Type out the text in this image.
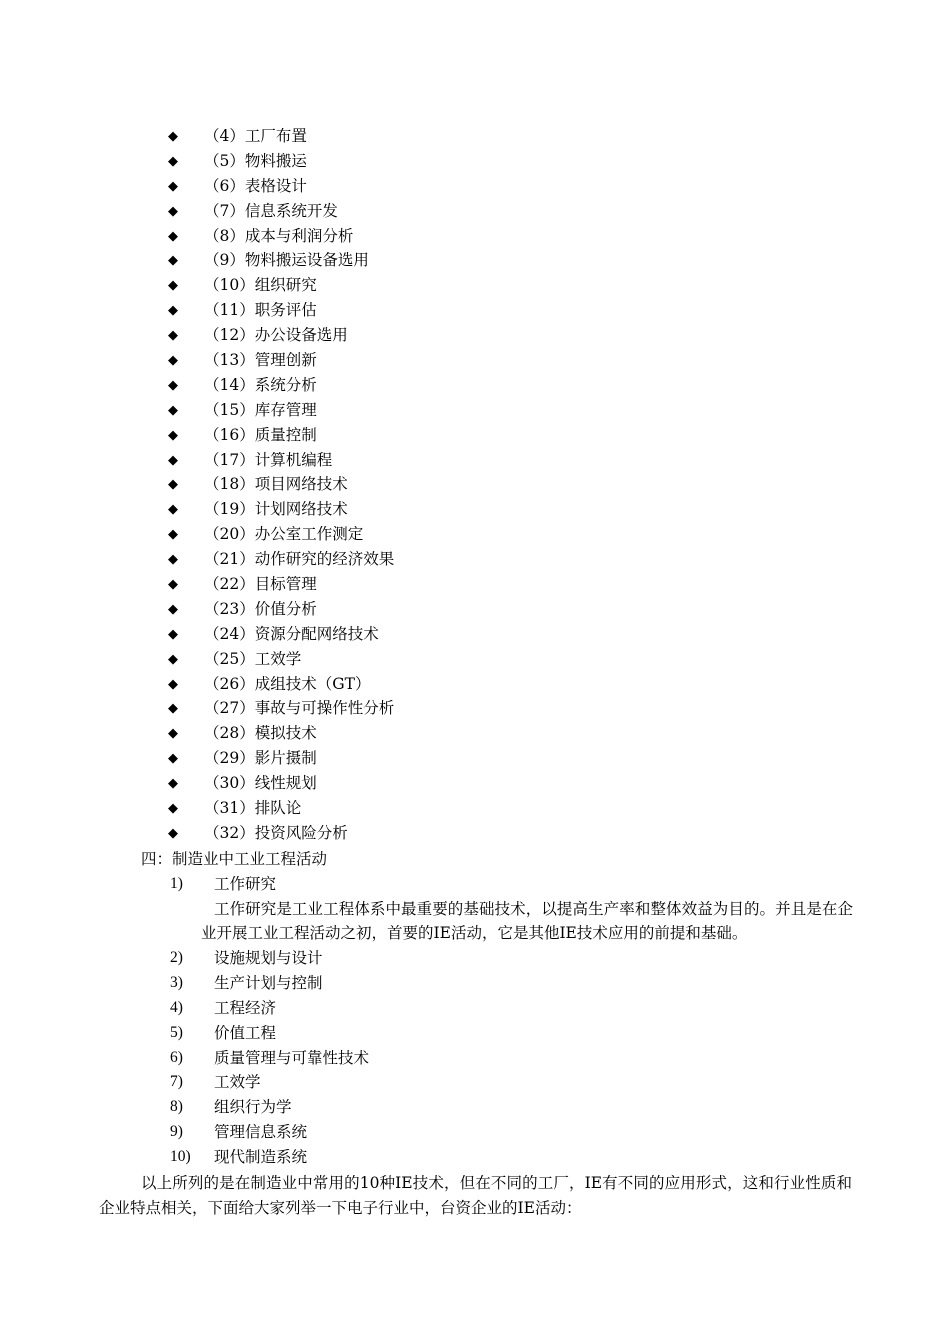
◆ （4）工厂布置
◆ （5）物料搬运
◆ （6）表格设计
◆ （7）信息系统开发
◆ （8）成本与利润分析
◆ （9）物料搬运设备选用
◆ （10）组织研究
◆ （11）职务评估
◆ （12）办公设备选用
◆ （13）管理创新
◆ （14）系统分析
◆ （15）库存管理
◆ （16）质量控制
◆ （17）计算机编程
◆ （18）项目网络技术
◆ （19）计划网络技术
◆ （20）办公室工作测定
◆ （21）动作研究的经济效果
◆ （22）目标管理
◆ （23）价值分析
◆ （24）资源分配网络技术
◆ （25）工效学
◆ （26）成组技术（GT）
◆ （27）事故与可操作性分析
◆ （28）模拟技术
◆ （29）影片摄制
◆ （30）线性规划
◆ （31）排队论
◆ （32）投资风险分析
四：制造业中工业工程活动
1)	工作研究
工作研究是工业工程体系中最重要的基础技术，以提高生产率和整体效益为目的。并且是在企业开展工业工程活动之初，首要的IE活动，它是其他IE技术应用的前提和基础。
2)	设施规划与设计
3)	生产计划与控制
4)	工程经济
5)	价值工程
6)	质量管理与可靠性技术
7)	工效学
8)	组织行为学
9)	管理信息系统
10)	现代制造系统

以上所列的是在制造业中常用的10种IE技术，但在不同的工厂，IE有不同的应用形式，这和行业性质和企业特点相关，下面给大家列举一下电子行业中，台资企业的IE活动：
